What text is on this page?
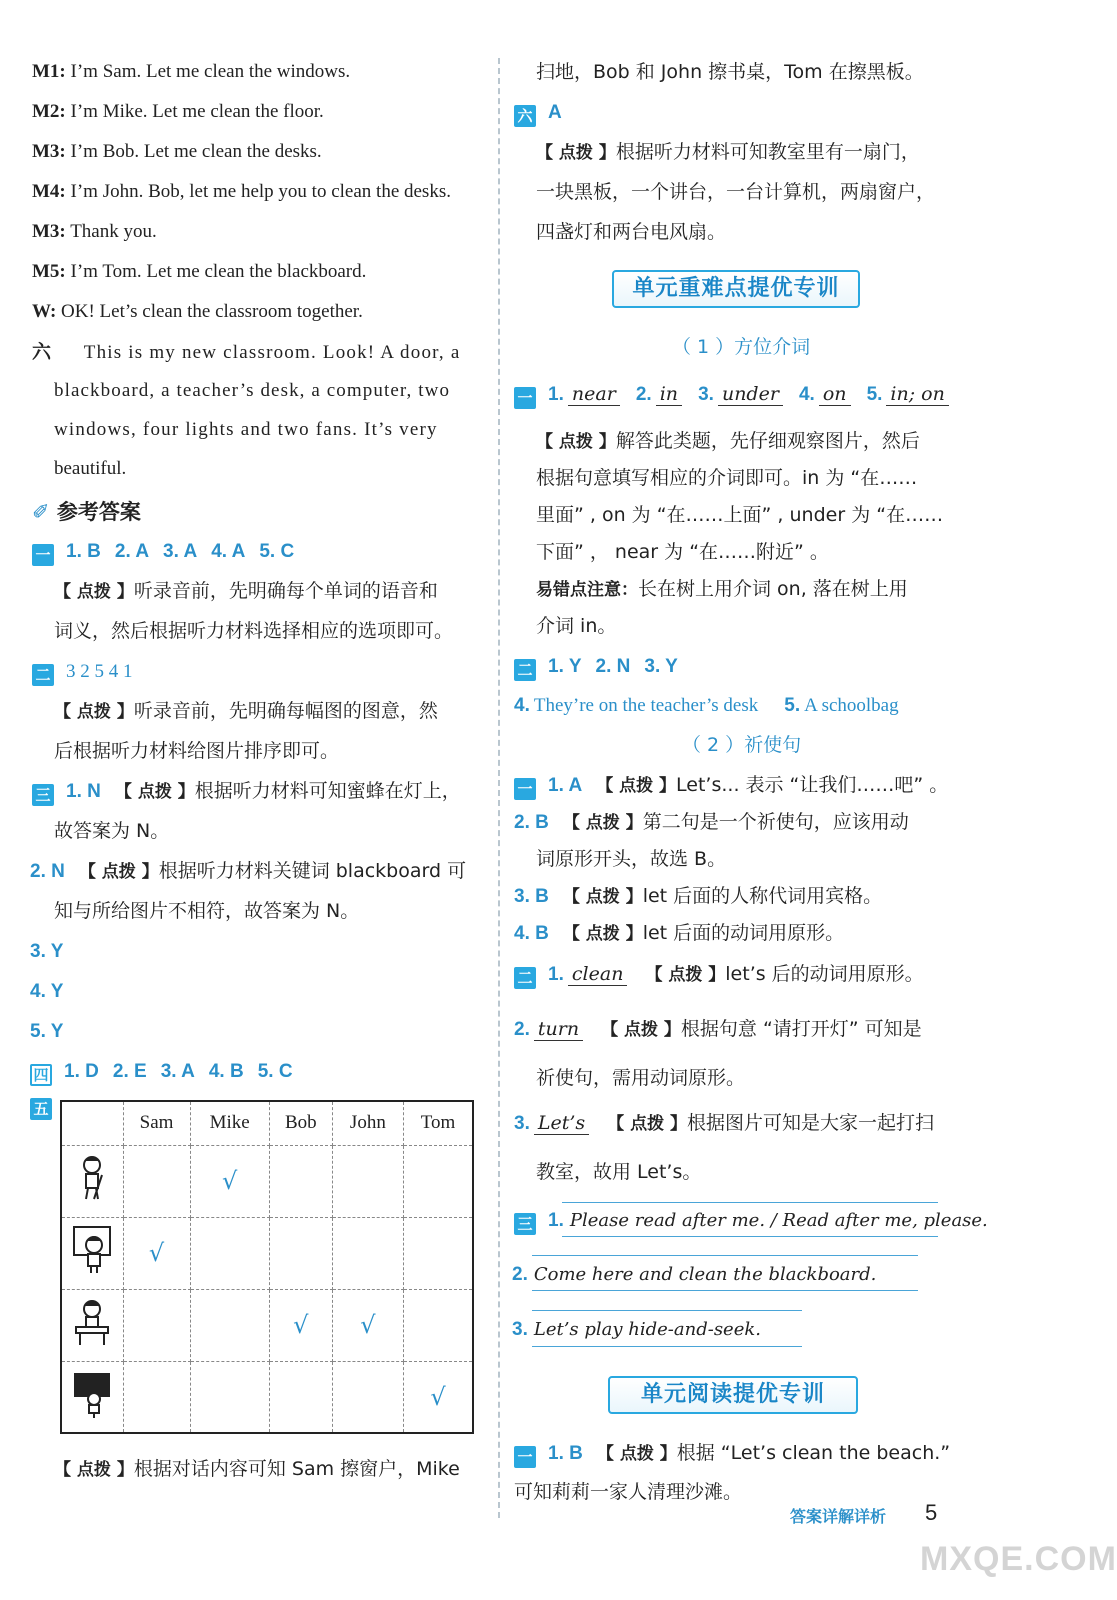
M1: I’m Sam. Let me clean the windows.
M2: I’m Mike. Let me clean the floor.
M3: I’m Bob. Let me clean the desks.
M4: I’m John. Bob, let me help you to clean the desks.
M3: Thank you.
M5: I’m Tom. Let me clean the blackboard.
W: OK! Let’s clean the classroom together.
六 This is my new classroom. Look! A door, a
blackboard, a teacher’s desk, a computer, two
windows, four lights and two fans. It’s very
beautiful.
✐ 参考答案
一 1. B 2. A 3. A 4. A 5. C
【 点拨 】听录音前，先明确每个单词的语音和
词义，然后根据听力材料选择相应的选项即可。
二 3 2 5 4 1
【 点拨 】听录音前，先明确每幅图的图意，然
后根据听力材料给图片排序即可。
三 1. N 【 点拨 】根据听力材料可知蜜蜂在灯上，
故答案为 N。
2. N 【 点拨 】根据听力材料关键词 blackboard 可
知与所给图片不相符，故答案为 N。
3. Y
4. Y
5. Y
四 1. D 2. E 3. A 4. B 5. C
五
	Sam	Mike	Bob	John	Tom
		√			
	√				
			√	√	
					√
【 点拨 】根据对话内容可知 Sam 擦窗户，Mike
扫地，Bob 和 John 擦书桌，Tom 在擦黑板。
六 A
【 点拨 】根据听力材料可知教室里有一扇门，
一块黑板，一个讲台，一台计算机，两扇窗户，
四盏灯和两台电风扇。
单元重难点提优专训
（ 1 ）方位介词
一 1. near 2. in 3. under 4. on 5. in; on
【 点拨 】解答此类题，先仔细观察图片，然后
根据句意填写相应的介词即可。in 为 “在……
里面” , on 为 “在……上面” , under 为 “在……
下面” ， near 为 “在……附近” 。
易错点注意：长在树上用介词 on, 落在树上用
介词 in。
二 1. Y 2. N 3. Y
4. They’re on the teacher’s desk 5. A schoolbag
（ 2 ）祈使句
一 1. A 【 点拨 】Let’s... 表示 “让我们……吧” 。
2. B 【 点拨 】第二句是一个祈使句，应该用动
词原形开头，故选 B。
3. B 【 点拨 】let 后面的人称代词用宾格。
4. B 【 点拨 】let 后面的动词用原形。
二 1. clean 【 点拨 】let’s 后的动词用原形。
2. turn 【 点拨 】根据句意 “请打开灯” 可知是
祈使句，需用动词原形。
3. Let’s 【 点拨 】根据图片可知是大家一起打扫
教室，故用 Let’s。
三 1. Please read after me. / Read after me, please.
2. Come here and clean the blackboard.
3. Let’s play hide-and-seek.
单元阅读提优专训
一 1. B 【 点拨 】根据 “Let’s clean the beach.”
可知莉莉一家人清理沙滩。
答案详解详析 5
MXQE.COM
